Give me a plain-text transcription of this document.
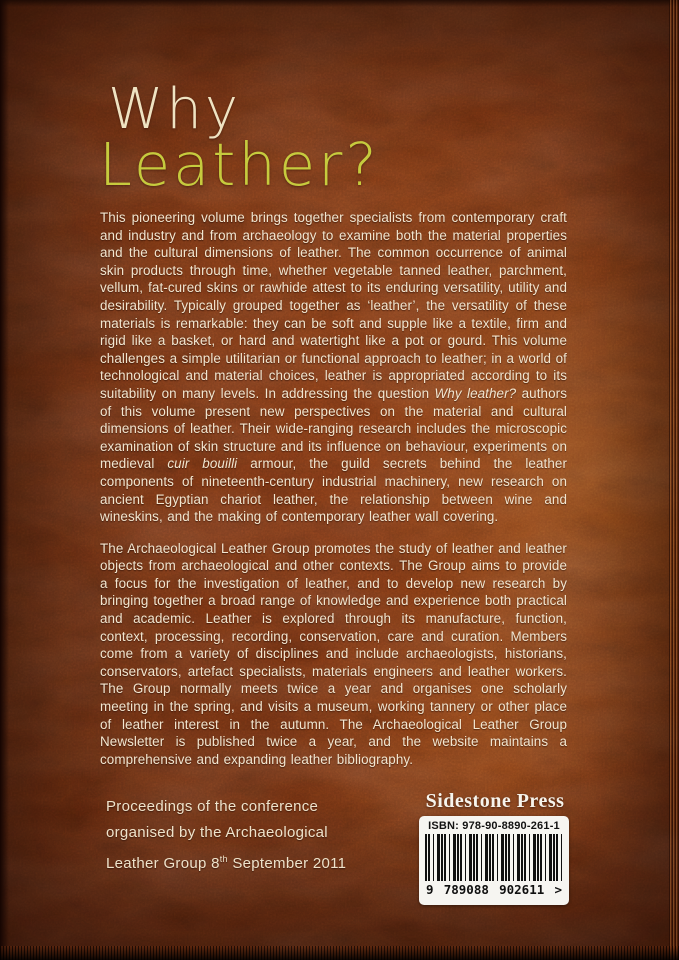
Why
Leather?

This pioneering volume brings together specialists from contemporary craft and industry and from archaeology to examine both the material properties and the cultural dimensions of leather. The common occurrence of animal skin products through time, whether vegetable tanned leather, parchment, vellum, fat-cured skins or rawhide attest to its enduring versatility, utility and desirability. Typically grouped together as ‘leather’, the versatility of these materials is remarkable: they can be soft and supple like a textile, firm and rigid like a basket, or hard and watertight like a pot or gourd. This volume challenges a simple utilitarian or functional approach to leather; in a world of technological and material choices, leather is appropriated according to its suitability on many levels. In addressing the question Why leather? authors of this volume present new perspectives on the material and cultural dimensions of leather. Their wide-ranging research includes the microscopic examination of skin structure and its influence on behaviour, experiments on medieval cuir bouilli armour, the guild secrets behind the leather components of nineteenth-century industrial machinery, new research on ancient Egyptian chariot leather, the relationship between wine and wineskins, and the making of contemporary leather wall covering.

The Archaeological Leather Group promotes the study of leather and leather objects from archaeological and other contexts. The Group aims to provide a focus for the investigation of leather, and to develop new research by bringing together a broad range of knowledge and experience both practical and academic. Leather is explored through its manufacture, function, context, processing, recording, conservation, care and curation. Members come from a variety of disciplines and include archaeologists, historians, conservators, artefact specialists, materials engineers and leather workers. The Group normally meets twice a year and organises one scholarly meeting in the spring, and visits a museum, working tannery or other place of leather interest in the autumn. The Archaeological Leather Group Newsletter is published twice a year, and the website maintains a comprehensive and expanding leather bibliography.

Proceedings of the conference
organised by the Archaeological
Leather Group 8th September 2011
Sidestone Press
ISBN: 978-90-8890-261-1
9 789088 902611 >
